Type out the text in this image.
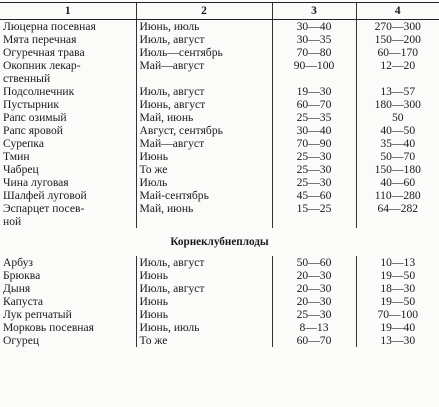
1	2	3	4
Люцерна посевная	Июнь, июль	30—40	270—300
Мята перечная	Июль, август	30—35	150—200
Огуречная трава	Июль—сентябрь	70—80	60—170
Окопник лекар-
ственный	Май—август	90—100	12—20
Подсолнечник	Июль, август	19—30	13—57
Пустырник	Июнь, август	60—70	180—300
Рапс озимый	Май, июнь	25—35	50
Рапс яровой	Август, сентябрь	30—40	40—50
Сурепка	Май—август	70—90	35—40
Тмин	Июнь	25—30	50—70
Чабрец	То же	25—30	150—180
Чина луговая	Июль	25—30	40—60
Шалфей луговой	Май-сентябрь	45—60	110—280
Эспарцет посев-
ной	Май, июнь	15—25	64—282
Корнеклубнеплоды			
Арбуз	Июль, август	50—60	10—13
Брюква	Июнь	20—30	19—50
Дыня	Июль, август	20—30	18—30
Капуста	Июнь	20—30	19—50
Лук репчатый	Июнь	25—30	70—100
Морковь посевная	Июнь, июль	8—13	19—40
Огурец	То же	60—70	13—30
